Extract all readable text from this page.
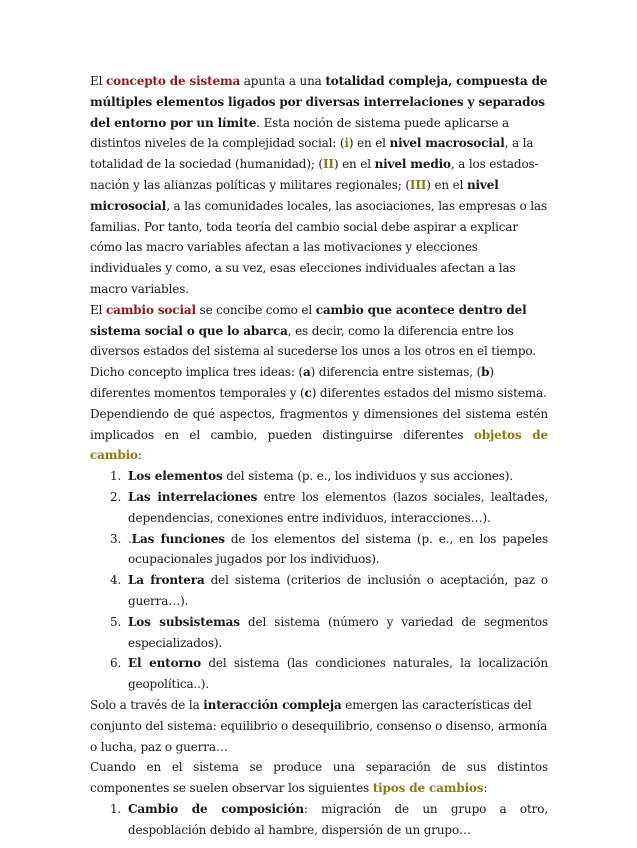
El concepto de sistema apunta a una totalidad compleja, compuesta de múltiples elementos ligados por diversas interrelaciones y separados del entorno por un límite. Esta noción de sistema puede aplicarse a distintos niveles de la complejidad social: (i) en el nivel macrosocial, a la totalidad de la sociedad (humanidad); (II) en el nivel medio, a los estados-nación y las alianzas políticas y militares regionales; (III) en el nivel microsocial, a las comunidades locales, las asociaciones, las empresas o las familias. Por tanto, toda teoría del cambio social debe aspirar a explicar cómo las macro variables afectan a las motivaciones y elecciones individuales y como, a su vez, esas elecciones individuales afectan a las macro variables.

El cambio social se concibe como el cambio que acontece dentro del sistema social o que lo abarca, es decir, como la diferencia entre los diversos estados del sistema al sucederse los unos a los otros en el tiempo. Dicho concepto implica tres ideas: (a) diferencia entre sistemas, (b) diferentes momentos temporales y (c) diferentes estados del mismo sistema.

Dependiendo de qué aspectos, fragmentos y dimensiones del sistema estén implicados en el cambio, pueden distinguirse diferentes objetos de cambio:

1. Los elementos del sistema (p. e., los individuos y sus acciones).
2. Las interrelaciones entre los elementos (lazos sociales, lealtades, dependencias, conexiones entre individuos, interacciones…).
3. .Las funciones de los elementos del sistema (p. e., en los papeles ocupacionales jugados por los individuos).
4. La frontera del sistema (criterios de inclusión o aceptación, paz o guerra…).
5. Los subsistemas del sistema (número y variedad de segmentos especializados).
6. El entorno del sistema (las condiciones naturales, la localización geopolítica..).

Solo a través de la interacción compleja emergen las características del conjunto del sistema: equilibrio o desequilibrio, consenso o disenso, armonía o lucha, paz o guerra…

Cuando en el sistema se produce una separación de sus distintos componentes se suelen observar los siguientes tipos de cambios:

1. Cambio de composición: migración de un grupo a otro, despoblación debido al hambre, dispersión de un grupo…
